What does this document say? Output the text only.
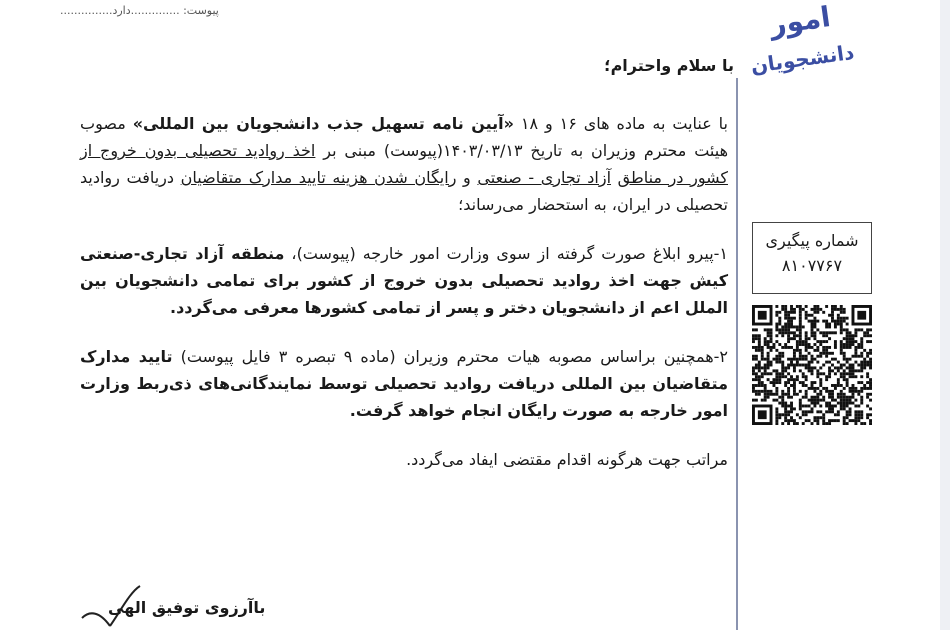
پیوست: ..............دارد...............	امور
دانشجویان
با سلام واحترام؛

با عنایت به ماده های ۱۶ و ۱۸ «آیین نامه تسهیل جذب دانشجویان بین المللی» مصوب هیئت محترم وزیران به تاریخ ۱۴۰۳/۰۳/۱۳(پیوست) مبنی بر اخذ روادید تحصیلی بدون خروج از کشور در مناطق آزاد تجاری - صنعتی و رایگان شدن هزینه تایید مدارک متقاضیان دریافت روادید تحصیلی در ایران، به استحضار می‌رساند؛

۱-پیرو ابلاغ صورت گرفته از سوی وزارت امور خارجه (پیوست)، منطقه آزاد تجاری-صنعتی کیش جهت اخذ روادید تحصیلی بدون خروج از کشور برای تمامی دانشجویان بین الملل اعم از دانشجویان دختر و پسر از تمامی کشورها معرفی می‌گردد.

۲-همچنین براساس مصوبه هیات محترم وزیران (ماده ۹ تبصره ۳ فایل پیوست) تایید مدارک متقاضیان بین المللی دریافت روادید تحصیلی توسط نمایندگانی‌های ذی‌ربط وزارت امور خارجه به صورت رایگان انجام خواهد گرفت.

مراتب جهت هرگونه اقدام مقتضی ایفاد می‌گردد.

باآرزوی توفیق الهی
شماره پیگیری
۸۱۰۷۷۶۷
